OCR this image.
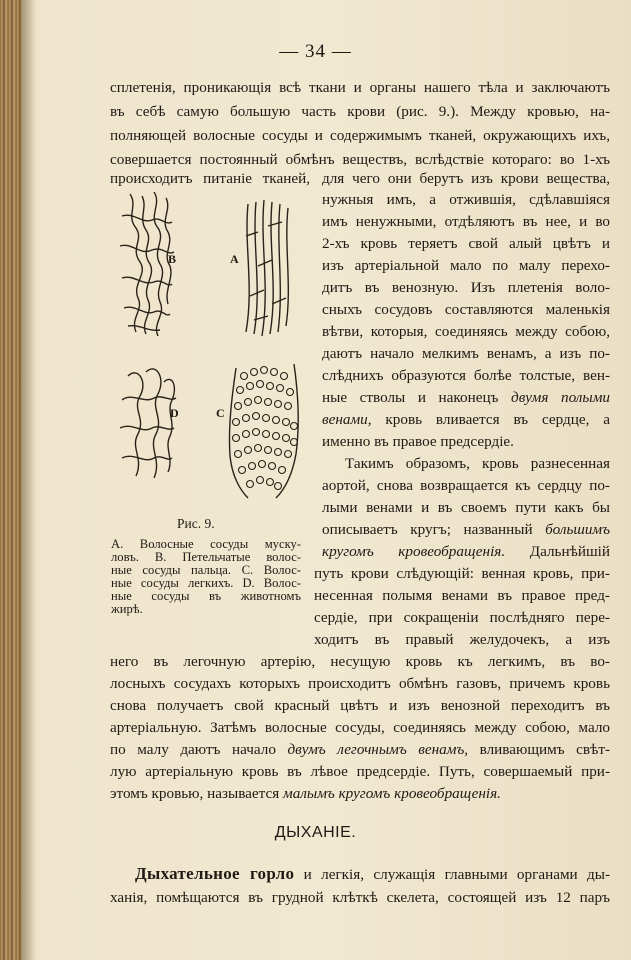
— 34 —
сплетенія, проникающія всѣ ткани и органы нашего тѣла и заключаютъ
въ себѣ самую большую часть крови (рис. 9.). Между кровью, на-
полняющей волосные сосуды и содержимымъ тканей, окружающихъ ихъ,
совершается постоянный обмѣнъ веществъ, вслѣдствіе котораго: во 1-хъ
происходитъ питаніе тканей, для чего они берутъ изъ крови вещества,
нужныя имъ, а отжившія, сдѣлавшіяся
имъ ненужными, отдѣляютъ въ нее, и во
2-хъ кровь теряетъ свой алый цвѣтъ и
изъ артеріальной мало по малу перехо-
дитъ въ венозную. Изъ плетенія воло-
сныхъ сосудовъ составляются маленькія
вѣтви, которыя, соединяясь между собою,
даютъ начало мелкимъ венамъ, а изъ по-
слѣднихъ образуются болѣе толстые, вен-
ные стволы и наконецъ двумя полыми
венами, кровь вливается въ сердце, а
именно въ правое предсердіе.
Такимъ образомъ, кровь разнесенная
аортой, снова возвращается къ сердцу по-
лыми венами и въ своемъ пути какъ бы
описываетъ кругъ; названный большимъ
кругомъ кровеобращенія. Дальнѣйшій
путь крови слѣдующій: венная кровь, при-
несенная полымя венами въ правое пред-
сердіе, при сокращеніи послѣдняго пере-
ходитъ въ правый желудочекъ, а изъ
B	A
D	C
Рис. 9.
A. Волосные сосуды муску-
ловъ. B. Петельчатые волос-
ные сосуды пальца. C. Волос-
ные сосуды легкихъ. D. Волос-
ные сосуды въ животномъ
жирѣ.
него въ легочную артерію, несущую кровь къ легкимъ, въ во-
лосныхъ сосудахъ которыхъ происходитъ обмѣнъ газовъ, причемъ кровь
снова получаетъ свой красный цвѣтъ и изъ венозной переходитъ въ
артеріальную. Затѣмъ волосные сосуды, соединяясь между собою, мало
по малу даютъ начало двумъ легочнымъ венамъ, вливающимъ свѣт-
лую артеріальную кровь въ лѣвое предсердіе. Путь, совершаемый при-
этомъ кровью, называется малымъ кругомъ кровеобращенія.
ДЫХАНІЕ.
Дыхательное горло и легкія, служащія главными органами ды-
ханія, помѣщаются въ грудной клѣткѣ скелета, состоящей изъ 12 паръ
